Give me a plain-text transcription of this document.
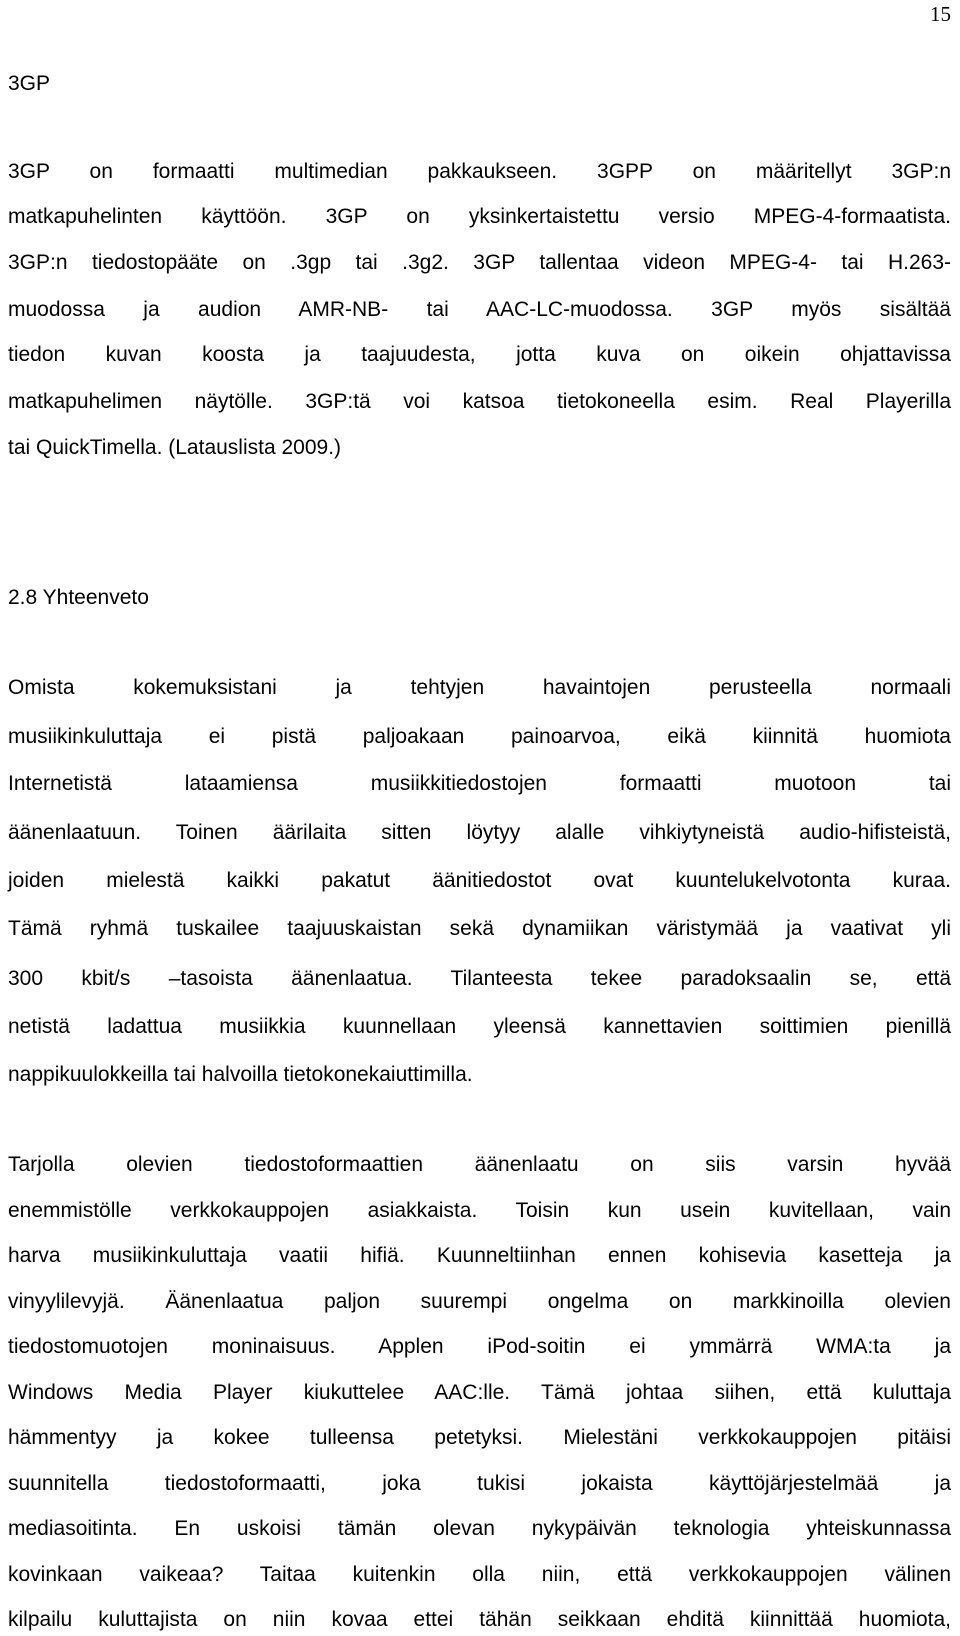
15
3GP
3GP on formaatti multimedian pakkaukseen. 3GPP on määritellyt 3GP:n
matkapuhelinten käyttöön. 3GP on yksinkertaistettu versio MPEG-4-formaatista.
3GP:n tiedostopääte on .3gp tai .3g2. 3GP tallentaa videon MPEG-4- tai H.263-
muodossa ja audion AMR-NB- tai AAC-LC-muodossa. 3GP myös sisältää
tiedon kuvan koosta ja taajuudesta, jotta kuva on oikein ohjattavissa
matkapuhelimen näytölle. 3GP:tä voi katsoa tietokoneella esim. Real Playerilla
tai QuickTimella. (Latauslista 2009.)
2.8 Yhteenveto
Omista kokemuksistani ja tehtyjen havaintojen perusteella normaali
musiikinkuluttaja ei pistä paljoakaan painoarvoa, eikä kiinnitä huomiota
Internetistä lataamiensa musiikkitiedostojen formaatti muotoon tai
äänenlaatuun. Toinen äärilaita sitten löytyy alalle vihkiytyneistä audio-hifisteistä,
joiden mielestä kaikki pakatut äänitiedostot ovat kuuntelukelvotonta kuraa.
Tämä ryhmä tuskailee taajuuskaistan sekä dynamiikan väristymää ja vaativat yli
300 kbit/s –tasoista äänenlaatua. Tilanteesta tekee paradoksaalin se, että
netistä ladattua musiikkia kuunnellaan yleensä kannettavien soittimien pienillä
nappikuulokkeilla tai halvoilla tietokonekaiuttimilla.
Tarjolla olevien tiedostoformaattien äänenlaatu on siis varsin hyvää
enemmistölle verkkokauppojen asiakkaista. Toisin kun usein kuvitellaan, vain
harva musiikinkuluttaja vaatii hifiä. Kuunneltiinhan ennen kohisevia kasetteja ja
vinyylilevyjä. Äänenlaatua paljon suurempi ongelma on markkinoilla olevien
tiedostomuotojen moninaisuus. Applen iPod-soitin ei ymmärrä WMA:ta ja
Windows Media Player kiukuttelee AAC:lle. Tämä johtaa siihen, että kuluttaja
hämmentyy ja kokee tulleensa petetyksi. Mielestäni verkkokauppojen pitäisi
suunnitella tiedostoformaatti, joka tukisi jokaista käyttöjärjestelmää ja
mediasoitinta. En uskoisi tämän olevan nykypäivän teknologia yhteiskunnassa
kovinkaan vaikeaa? Taitaa kuitenkin olla niin, että verkkokauppojen välinen
kilpailu kuluttajista on niin kovaa ettei tähän seikkaan ehditä kiinnittää huomiota,
